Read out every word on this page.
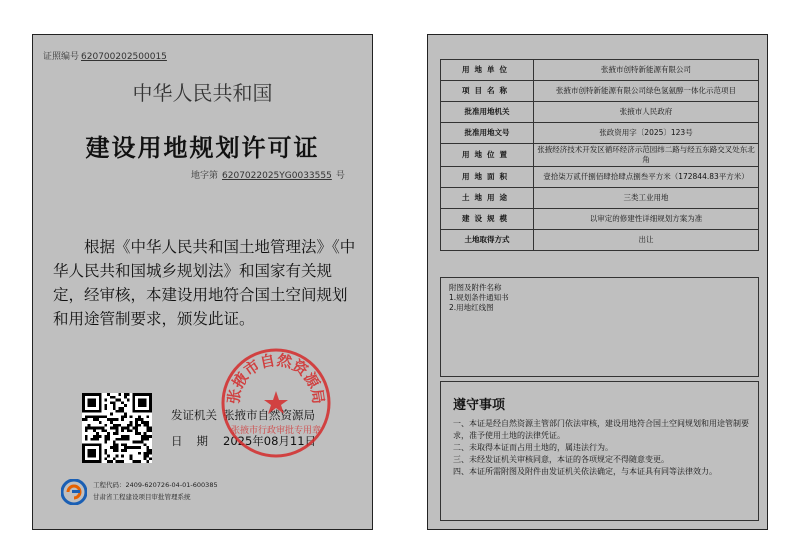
证照编号 620700202500015
中华人民共和国
建设用地规划许可证
地字第 6207022025YG0033555 号
根据《中华人民共和国土地管理法》《中华人民共和国城乡规划法》和国家有关规定，经审核，本建设用地符合国土空间规划和用途管制要求，颁发此证。
发证机关 张掖市自然资源局
日期2025年08月11日
张掖市自然资源局
张掖市行政审批专用章
工程代码：2409-620726-04-01-600385
甘肃省工程建设项目审批管理系统
用地单位	张掖市创特新能源有限公司
项目名称	张掖市创特新能源有限公司绿色氢氨醇一体化示范项目
批准用地机关	张掖市人民政府
批准用地文号	张政资用字〔2025〕123号
用地位置	张掖经济技术开发区循环经济示范园纬二路与经五东路交叉处东北角
用地面积	壹拾柒万贰仟捌佰肆拾肆点捌叁平方米（172844.83平方米）
土地用途	三类工业用地
建设规模	以审定的修建性详细规划方案为准
土地取得方式	出让
附图及附件名称
1.规划条件通知书
2.用地红线图
遵守事项
一、本证是经自然资源主管部门依法审核，建设用地符合国土空间规划和用途管制要求，准予使用土地的法律凭证。
二、未取得本证而占用土地的，属违法行为。
三、未经发证机关审核同意，本证的各项规定不得随意变更。
四、本证所需附图及附件由发证机关依法确定，与本证具有同等法律效力。
